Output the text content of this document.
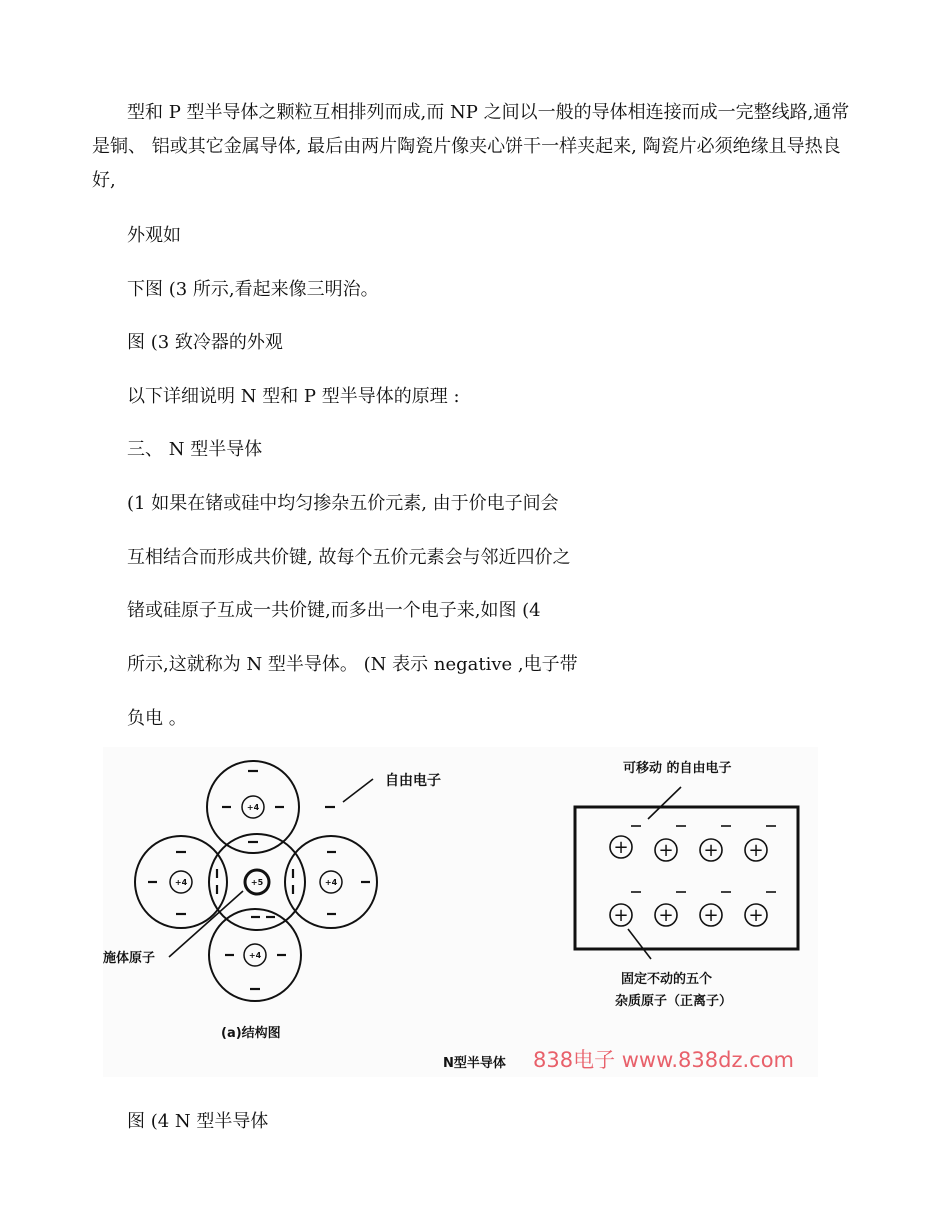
型和 P 型半导体之颗粒互相排列而成,而 NP 之间以一般的导体相连接而成一完整线路,通常是铜、 铝或其它金属导体, 最后由两片陶瓷片像夹心饼干一样夹起来, 陶瓷片必须绝缘且导热良好,

外观如

下图 (3 所示,看起来像三明治。

图 (3 致冷器的外观

以下详细说明 N 型和 P 型半导体的原理 :

三、 N 型半导体

(1 如果在锗或硅中均匀掺杂五价元素, 由于价电子间会

互相结合而形成共价键, 故每个五价元素会与邻近四价之

锗或硅原子互成一共价键,而多出一个电子来,如图 (4

所示,这就称为 N 型半导体。 (N 表示 negative ,电子带

负电 。

+4
+4	+5	+4
+4
自由电子
施体原子
(a)结构图
可移动 的自由电子
+ + + +
+ + + +
固定不动的五个
杂质原子（正离子）
N型半导体 838电子 www.838dz.com

图 (4 N 型半导体
